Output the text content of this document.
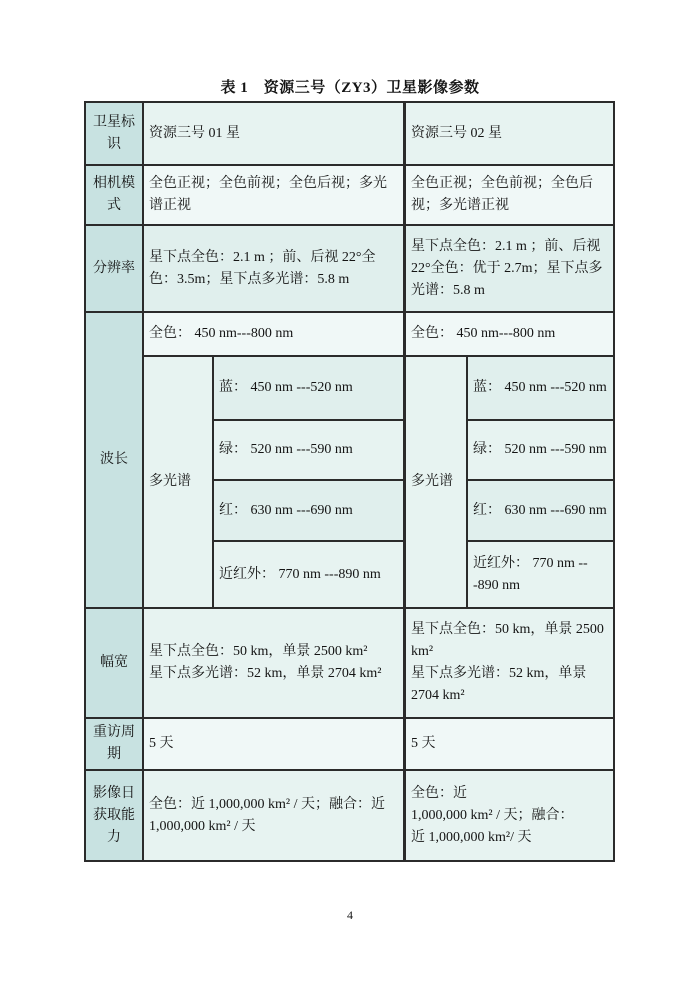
表 1　资源三号（ZY3）卫星影像参数
卫星标识
资源三号 01 星	资源三号 02 星
相机模式
全色正视；全色前视；全色后视；多光谱正视
全色正视；全色前视；全色后视；多光谱正视
分辨率
星下点全色：2.1 m ；前、后视 22°全色：3.5m；星下点多光谱：5.8 m
星下点全色：2.1 m ；前、后视 22°全色：优于 2.7m；星下点多光谱：5.8 m
波长
全色： 450 nm---800 nm
多光谱
蓝： 450 nm ---520 nm
绿： 520 nm ---590 nm
红： 630 nm ---690 nm
近红外： 770 nm ---890 nm
全色： 450 nm---800 nm
多光谱
蓝： 450 nm ---520 nm
绿： 520 nm ---590 nm
红： 630 nm ---690 nm
近红外： 770 nm ---890 nm
幅宽
星下点全色：50 km，单景 2500 km²
星下点多光谱：52 km，单景 2704 km²
星下点全色：50 km，单景 2500 km²
星下点多光谱：52 km，单景 2704 km²
重访周期
5 天	5 天
影像日获取能力
全色：近 1,000,000 km² / 天；融合：近 1,000,000 km² / 天
全色：近
1,000,000 km² / 天；融合：
近 1,000,000 km²/ 天
4
